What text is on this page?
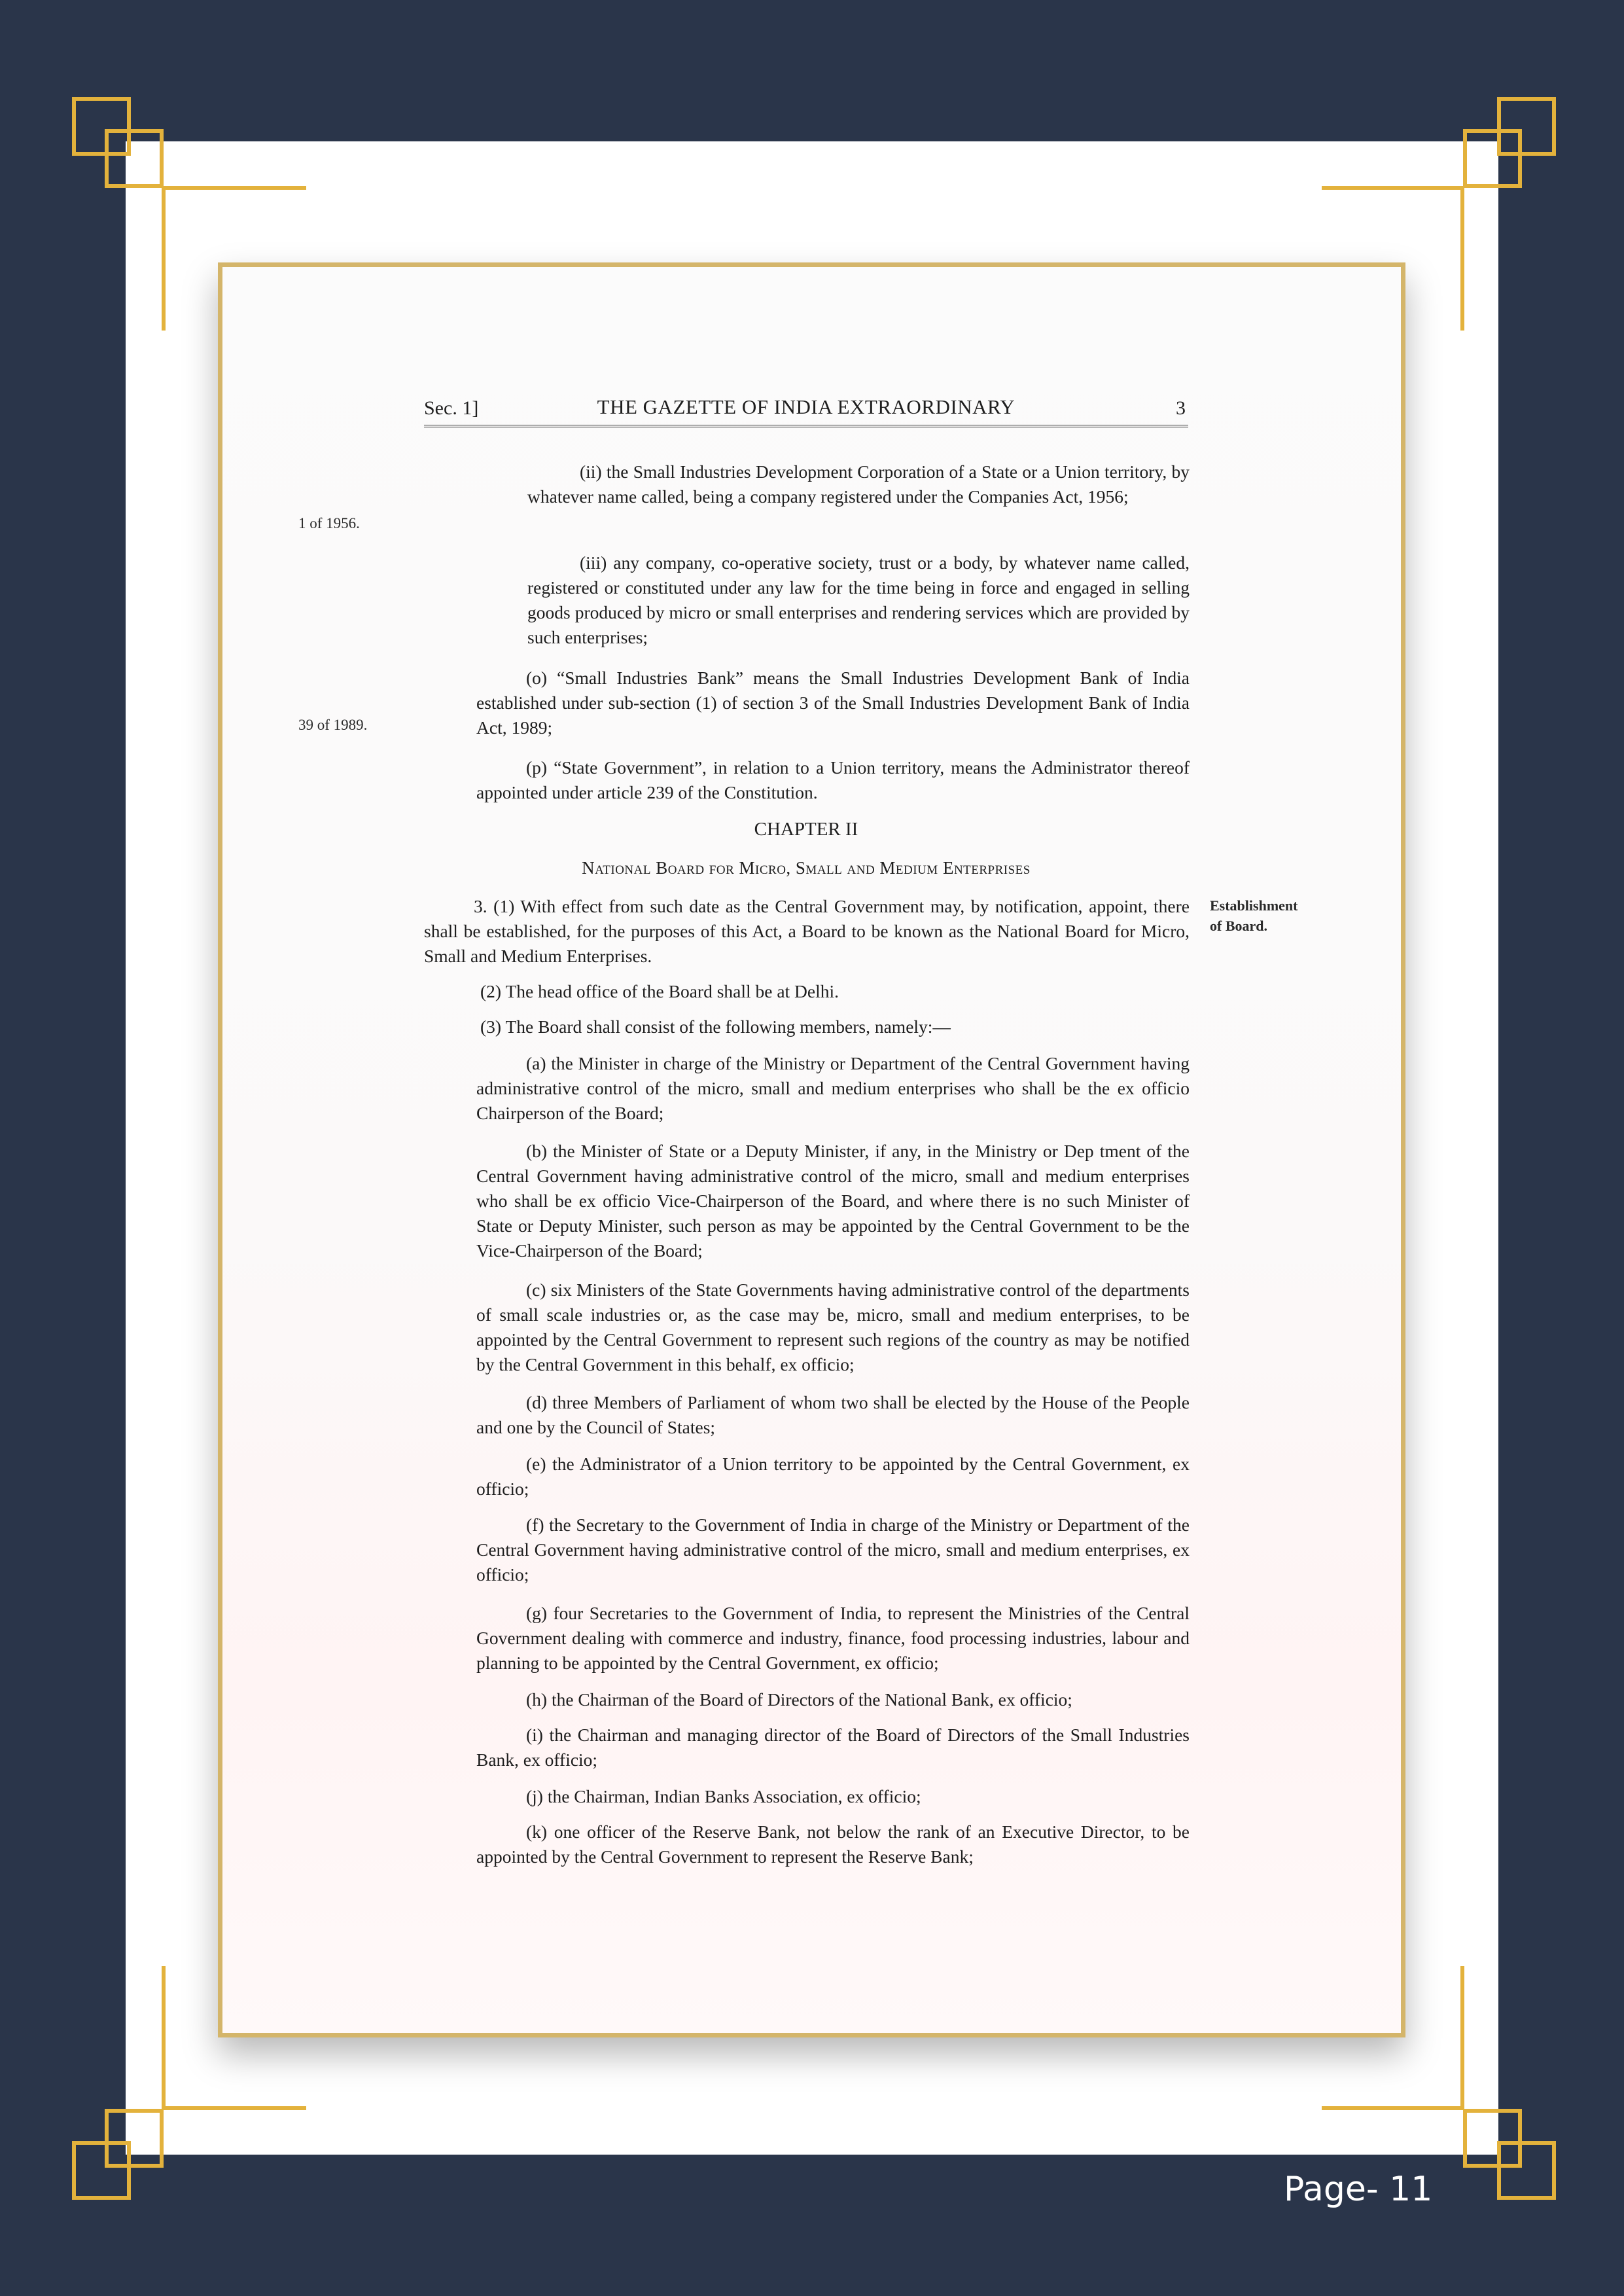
Sec. 1]	THE GAZETTE OF INDIA EXTRAORDINARY	3
1 of 1956.
39 of 1989.
Establishment
of Board.

(ii) the Small Industries Development Corporation of a State or a Union territory, by whatever name called, being a company registered under the Companies Act, 1956;

(iii) any company, co-operative society, trust or a body, by whatever name called, registered or constituted under any law for the time being in force and engaged in selling goods produced by micro or small enterprises and rendering services which are provided by such enterprises;

(o) “Small Industries Bank” means the Small Industries Development Bank of India established under sub-section (1) of section 3 of the Small Industries Development Bank of India Act, 1989;

(p) “State Government”, in relation to a Union territory, means the Administrator thereof appointed under article 239 of the Constitution.

CHAPTER II

National Board for Micro, Small and Medium Enterprises

3. (1) With effect from such date as the Central Government may, by notification, appoint, there shall be established, for the purposes of this Act, a Board to be known as the National Board for Micro, Small and Medium Enterprises.

(2) The head office of the Board shall be at Delhi.

(3) The Board shall consist of the following members, namely:—

(a) the Minister in charge of the Ministry or Department of the Central Government having administrative control of the micro, small and medium enterprises who shall be the ex officio Chairperson of the Board;

(b) the Minister of State or a Deputy Minister, if any, in the Ministry or Dep tment of the Central Government having administrative control of the micro, small and medium enterprises who shall be ex officio Vice-Chairperson of the Board, and where there is no such Minister of State or Deputy Minister, such person as may be appointed by the Central Government to be the Vice-Chairperson of the Board;

(c) six Ministers of the State Governments having administrative control of the departments of small scale industries or, as the case may be, micro, small and medium enterprises, to be appointed by the Central Government to represent such regions of the country as may be notified by the Central Government in this behalf, ex officio;

(d) three Members of Parliament of whom two shall be elected by the House of the People and one by the Council of States;

(e) the Administrator of a Union territory to be appointed by the Central Government, ex officio;

(f) the Secretary to the Government of India in charge of the Ministry or Department of the Central Government having administrative control of the micro, small and medium enterprises, ex officio;

(g) four Secretaries to the Government of India, to represent the Ministries of the Central Government dealing with commerce and industry, finance, food processing industries, labour and planning to be appointed by the Central Government, ex officio;

(h) the Chairman of the Board of Directors of the National Bank, ex officio;

(i) the Chairman and managing director of the Board of Directors of the Small Industries Bank, ex officio;

(j) the Chairman, Indian Banks Association, ex officio;

(k) one officer of the Reserve Bank, not below the rank of an Executive Director, to be appointed by the Central Government to represent the Reserve Bank;

Page- 11
